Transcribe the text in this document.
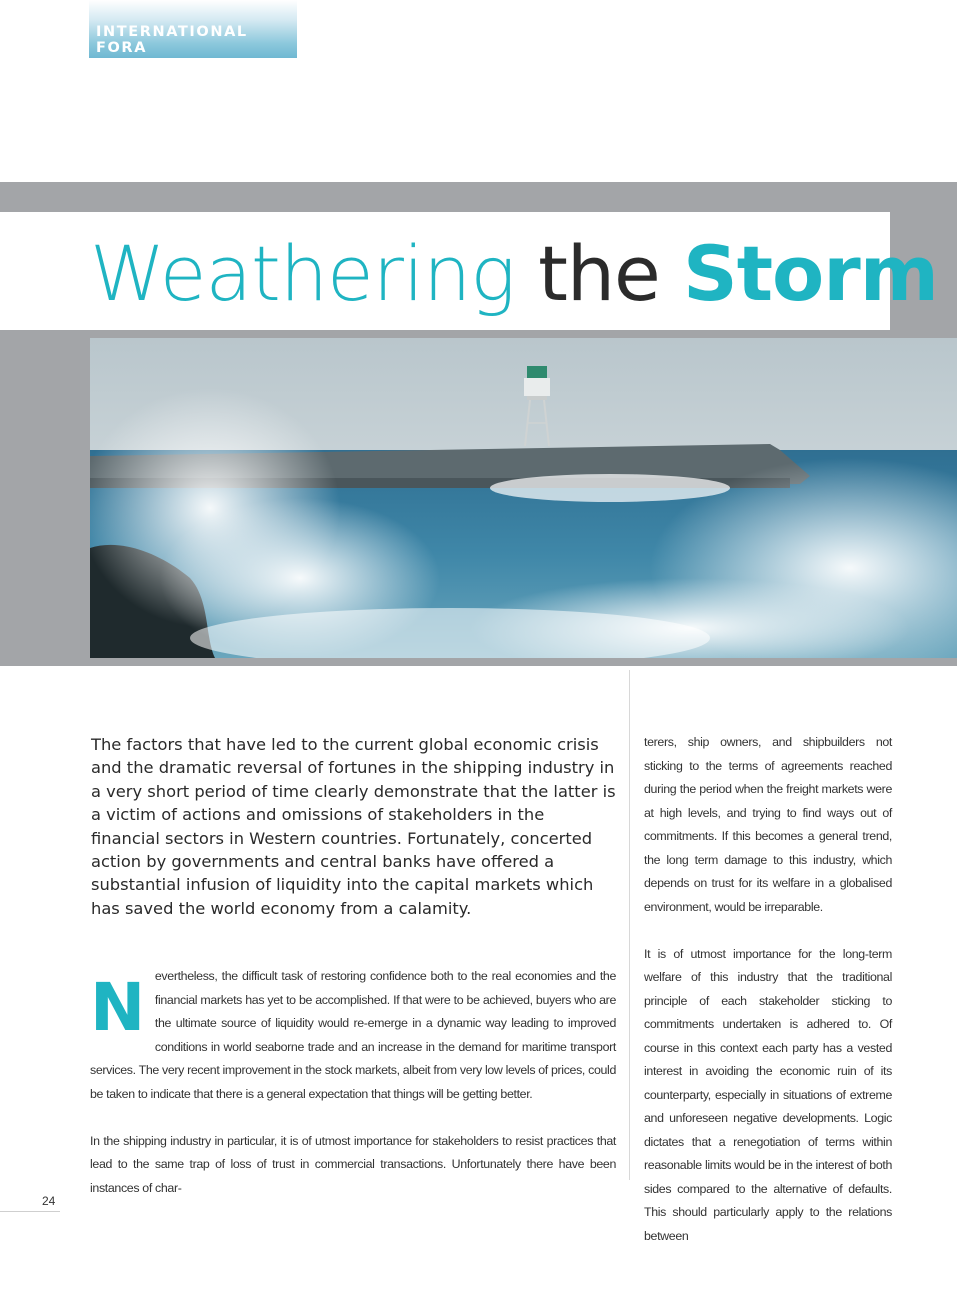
INTERNATIONAL FORA
Weathering the Storm

The factors that have led to the current global economic crisis and the dramatic reversal of fortunes in the shipping industry in a very short period of time clearly demonstrate that the latter is a victim of actions and omissions of stakeholders in the financial sectors in Western countries. Fortunately, concerted action by governments and central banks have offered a substantial infusion of liquidity into the capital markets which has saved the world economy from a calamity.

Nevertheless, the difficult task of restoring confidence both to the real economies and the financial markets has yet to be accomplished. If that were to be achieved, buyers who are the ultimate source of liquidity would re-emerge in a dynamic way leading to improved conditions in world seaborne trade and an increase in the demand for maritime transport services. The very recent improvement in the stock markets, albeit from very low levels of prices, could be taken to indicate that there is a general expectation that things will be getting better.

In the shipping industry in particular, it is of utmost importance for stakeholders to resist practices that lead to the same trap of loss of trust in commercial transactions. Unfortunately there have been instances of char-

terers, ship owners, and shipbuilders not sticking to the terms of agreements reached during the period when the freight markets were at high levels, and trying to find ways out of commitments. If this becomes a general trend, the long term damage to this industry, which depends on trust for its welfare in a globalised environment, would be irreparable.

It is of utmost importance for the long-term welfare of this industry that the traditional principle of each stakeholder sticking to commitments undertaken is adhered to. Of course in this context each party has a vested interest in avoiding the economic ruin of its counterparty, especially in situations of extreme and unforeseen negative developments. Logic dictates that a renegotiation of terms within reasonable limits would be in the interest of both sides compared to the alternative of defaults. This should particularly apply to the relations between

24
